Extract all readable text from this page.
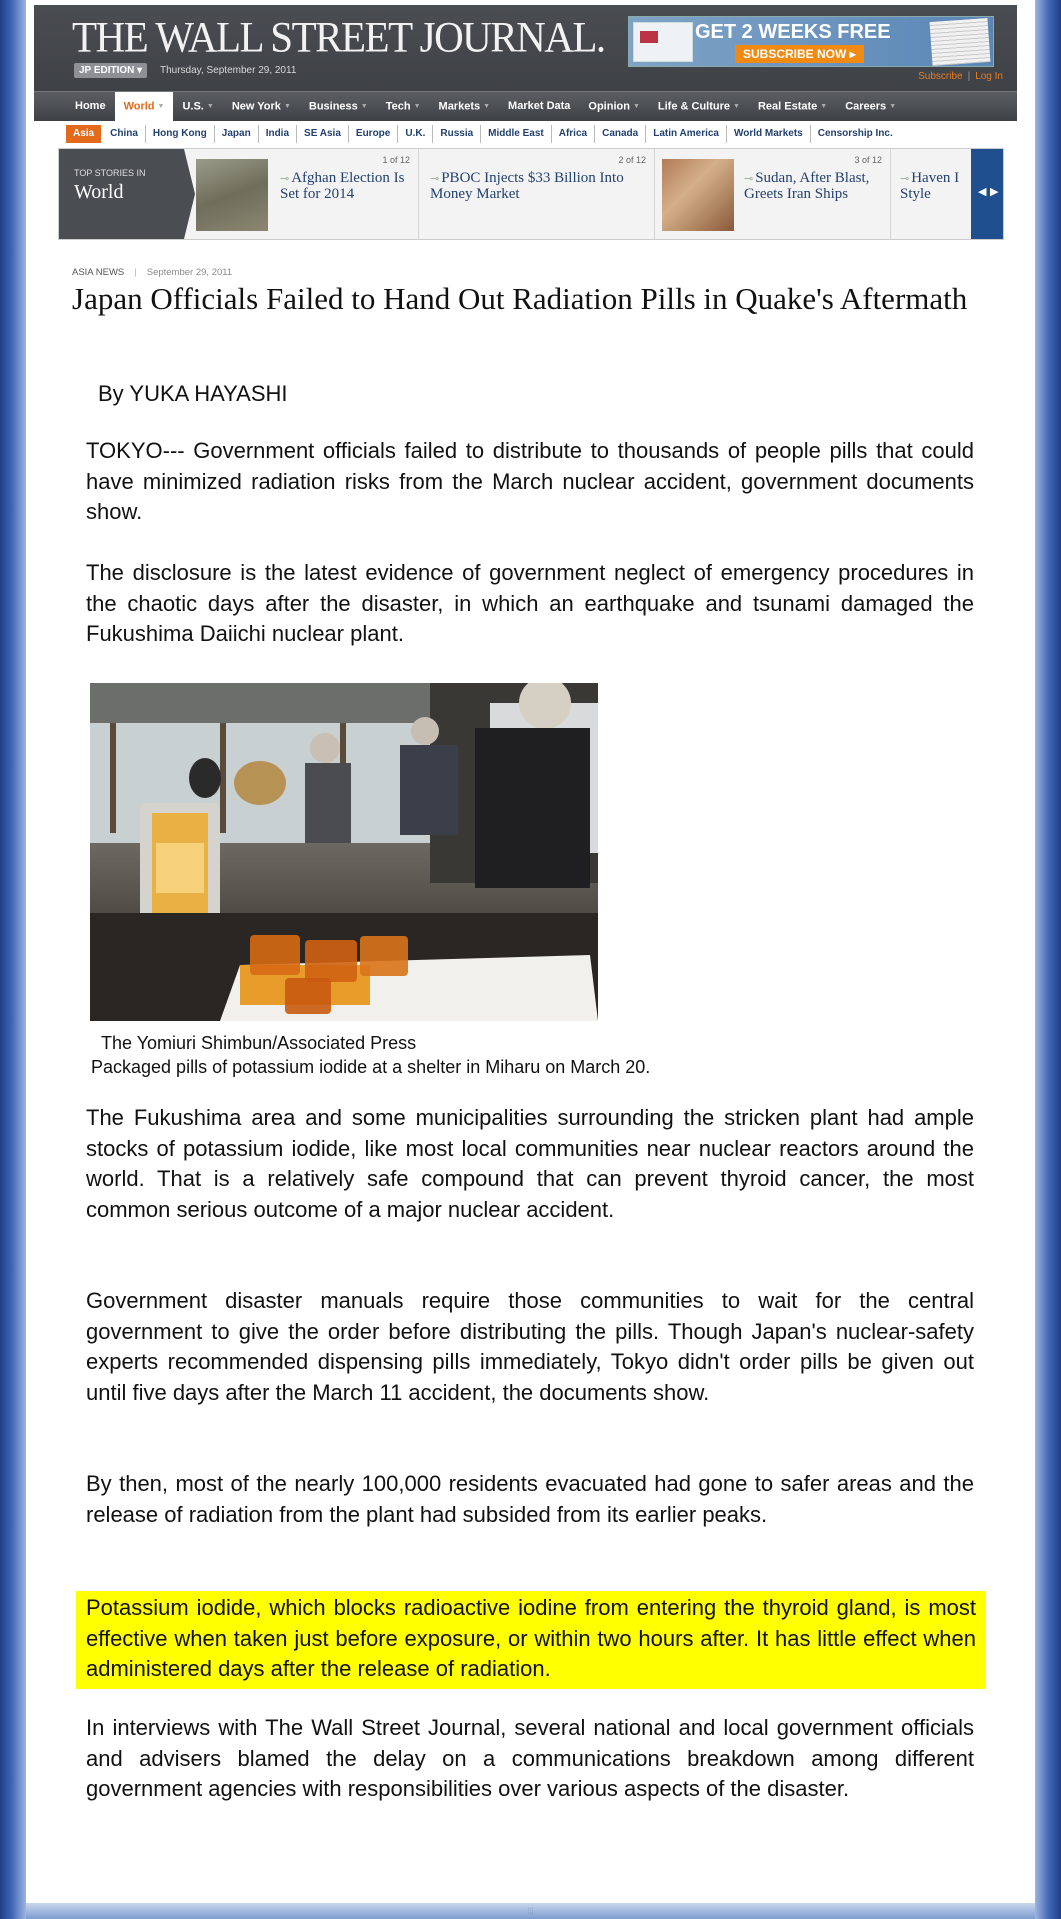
THE WALL STREET JOURNAL.
JP EDITION ▾	Thursday, September 29, 2011
GET 2 WEEKS FREE
SUBSCRIBE NOW ▸
Subscribe | Log In
Home	World ▼	U.S. ▼	New York ▼	Business ▼	Tech ▼	Markets ▼	Market Data	Opinion ▼	Life & Culture ▼	Real Estate ▼	Careers ▼
Asia	China	Hong Kong	Japan	India	SE Asia	Europe	U.K.	Russia	Middle East	Africa	Canada	Latin America	World Markets	Censorship Inc.
TOP STORIES IN
World
1 of 12
⊸ Afghan Election Is Set for 2014
2 of 12
⊸ PBOC Injects $33 Billion Into Money Market
3 of 12
⊸ Sudan, After Blast, Greets Iran Ships
⊸ Haven I Style	◀ ▶
ASIA NEWS | September 29, 2011
Japan Officials Failed to Hand Out Radiation Pills in Quake's Aftermath
By YUKA HAYASHI

TOKYO--- Government officials failed to distribute to thousands of people pills that could have minimized radiation risks from the March nuclear accident, government documents show.

The disclosure is the latest evidence of government neglect of emergency procedures in the chaotic days after the disaster, in which an earthquake and tsunami damaged the Fukushima Daiichi nuclear plant.

The Yomiuri Shimbun/Associated Press
Packaged pills of potassium iodide at a shelter in Miharu on March 20.

The Fukushima area and some municipalities surrounding the stricken plant had ample stocks of potassium iodide, like most local communities near nuclear reactors around the world. That is a relatively safe compound that can prevent thyroid cancer, the most common serious outcome of a major nuclear accident.

Government disaster manuals require those communities to wait for the central government to give the order before distributing the pills. Though Japan's nuclear-safety experts recommended dispensing pills immediately, Tokyo didn't order pills be given out until five days after the March 11 accident, the documents show.

By then, most of the nearly 100,000 residents evacuated had gone to safer areas and the release of radiation from the plant had subsided from its earlier peaks.

Potassium iodide, which blocks radioactive iodine from entering the thyroid gland, is most effective when taken just before exposure, or within two hours after. It has little effect when administered days after the release of radiation.

In interviews with The Wall Street Journal, several national and local government officials and advisers blamed the delay on a communications breakdown among different government agencies with responsibilities over various aspects of the disaster.

⦙⦙⦙
